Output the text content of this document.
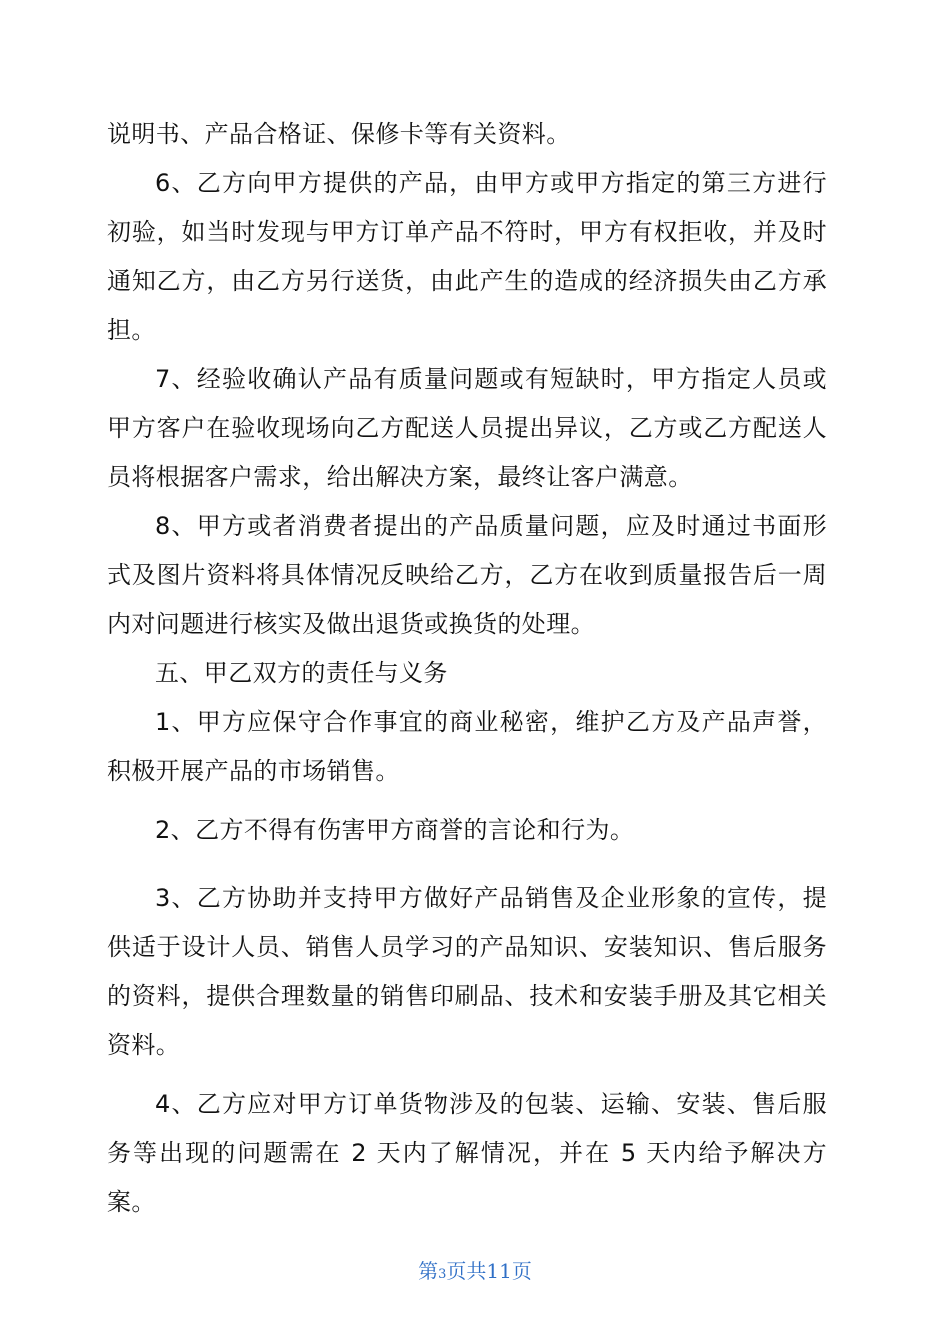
说明书、产品合格证、保修卡等有关资料。

6、乙方向甲方提供的产品，由甲方或甲方指定的第三方进行初验，如当时发现与甲方订单产品不符时，甲方有权拒收，并及时通知乙方，由乙方另行送货，由此产生的造成的经济损失由乙方承担。

7、经验收确认产品有质量问题或有短缺时，甲方指定人员或甲方客户在验收现场向乙方配送人员提出异议，乙方或乙方配送人员将根据客户需求，给出解决方案，最终让客户满意。

8、甲方或者消费者提出的产品质量问题，应及时通过书面形式及图片资料将具体情况反映给乙方，乙方在收到质量报告后一周内对问题进行核实及做出退货或换货的处理。

五、甲乙双方的责任与义务

1、甲方应保守合作事宜的商业秘密，维护乙方及产品声誉，积极开展产品的市场销售。

2、乙方不得有伤害甲方商誉的言论和行为。

3、乙方协助并支持甲方做好产品销售及企业形象的宣传，提供适于设计人员、销售人员学习的产品知识、安装知识、售后服务的资料，提供合理数量的销售印刷品、技术和安装手册及其它相关资料。

4、乙方应对甲方订单货物涉及的包装、运输、安装、售后服务等出现的问题需在 2 天内了解情况，并在 5 天内给予解决方案。

第3页共11页
